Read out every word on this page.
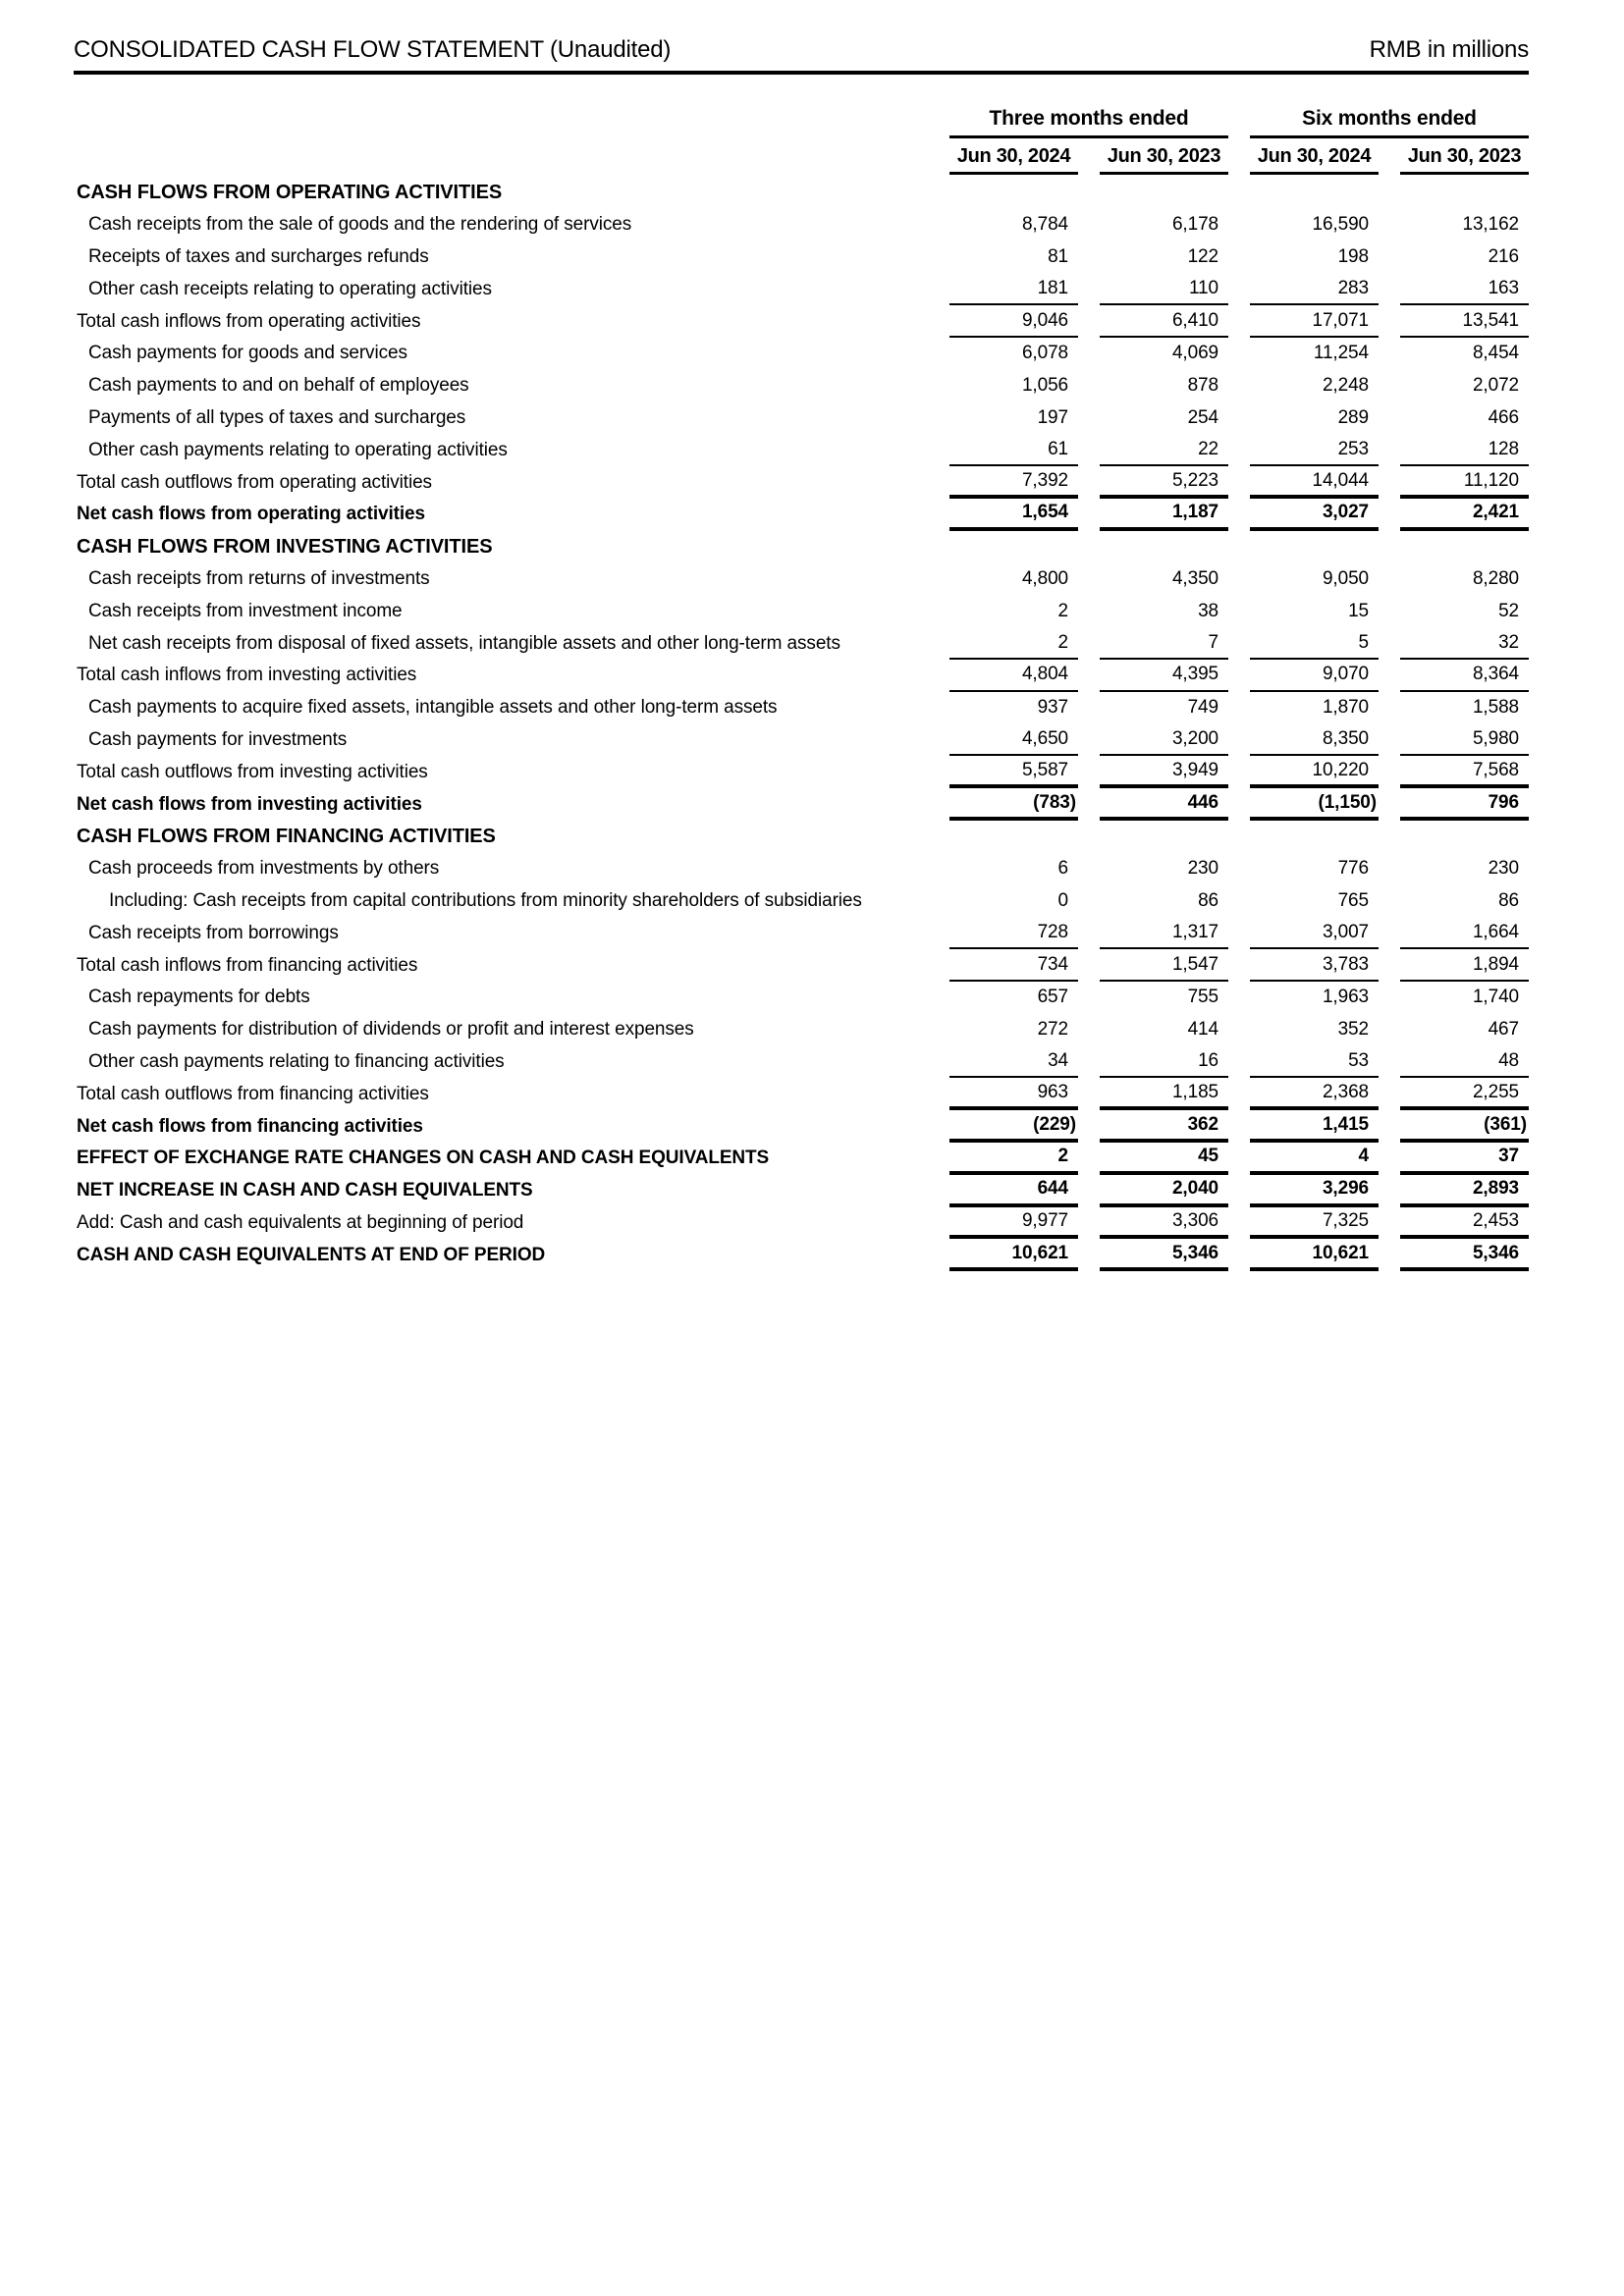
CONSOLIDATED CASH FLOW STATEMENT (Unaudited)	RMB in millions
Three months ended	Six months ended
Jun 30, 2024	Jun 30, 2023	Jun 30, 2024	Jun 30, 2023
CASH FLOWS FROM OPERATING ACTIVITIES
Cash receipts from the sale of goods and the rendering of services	8,784	6,178	16,590	13,162
Receipts of taxes and surcharges refunds	81	122	198	216
Other cash receipts relating to operating activities	181	110	283	163
Total cash inflows from operating activities	9,046	6,410	17,071	13,541
Cash payments for goods and services	6,078	4,069	11,254	8,454
Cash payments to and on behalf of employees	1,056	878	2,248	2,072
Payments of all types of taxes and surcharges	197	254	289	466
Other cash payments relating to operating activities	61	22	253	128
Total cash outflows from operating activities	7,392	5,223	14,044	11,120
Net cash flows from operating activities	1,654	1,187	3,027	2,421
CASH FLOWS FROM INVESTING ACTIVITIES
Cash receipts from returns of investments	4,800	4,350	9,050	8,280
Cash receipts from investment income	2	38	15	52
Net cash receipts from disposal of fixed assets, intangible assets and other long-term assets	2	7	5	32
Total cash inflows from investing activities	4,804	4,395	9,070	8,364
Cash payments to acquire fixed assets, intangible assets and other long-term assets	937	749	1,870	1,588
Cash payments for investments	4,650	3,200	8,350	5,980
Total cash outflows from investing activities	5,587	3,949	10,220	7,568
Net cash flows from investing activities	(783)	446	(1,150)	796
CASH FLOWS FROM FINANCING ACTIVITIES
Cash proceeds from investments by others	6	230	776	230
Including: Cash receipts from capital contributions from minority shareholders of subsidiaries	0	86	765	86
Cash receipts from borrowings	728	1,317	3,007	1,664
Total cash inflows from financing activities	734	1,547	3,783	1,894
Cash repayments for debts	657	755	1,963	1,740
Cash payments for distribution of dividends or profit and interest expenses	272	414	352	467
Other cash payments relating to financing activities	34	16	53	48
Total cash outflows from financing activities	963	1,185	2,368	2,255
Net cash flows from financing activities	(229)	362	1,415	(361)
EFFECT OF EXCHANGE RATE CHANGES ON CASH AND CASH EQUIVALENTS	2	45	4	37
NET INCREASE IN CASH AND CASH EQUIVALENTS	644	2,040	3,296	2,893
Add: Cash and cash equivalents at beginning of period	9,977	3,306	7,325	2,453
CASH AND CASH EQUIVALENTS AT END OF PERIOD	10,621	5,346	10,621	5,346
